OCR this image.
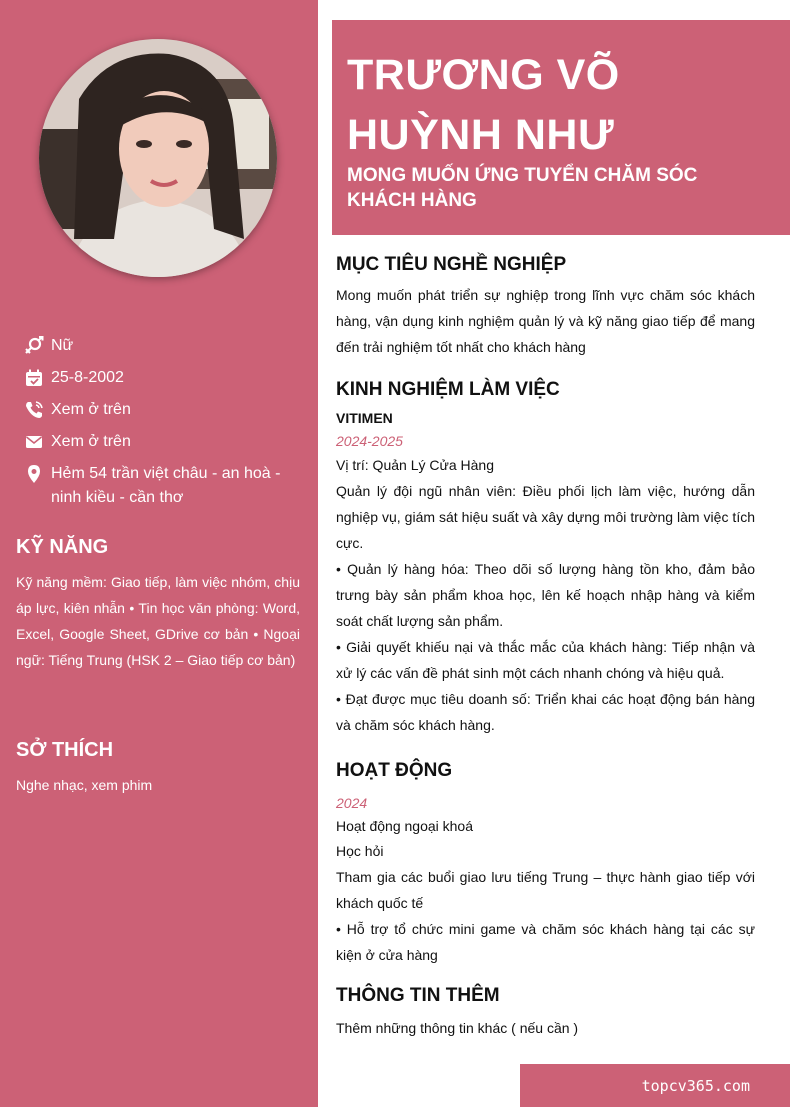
Nữ
25-8-2002
Xem ở trên
Xem ở trên
Hẻm 54 trần việt châu - an hoà - ninh kiều - cần thơ
KỸ NĂNG

Kỹ năng mềm: Giao tiếp, làm việc nhóm, chịu áp lực, kiên nhẫn • Tin học văn phòng: Word, Excel, Google Sheet, GDrive cơ bản • Ngoại ngữ: Tiếng Trung (HSK 2 – Giao tiếp cơ bản)

SỞ THÍCH

Nghe nhạc, xem phim

TRƯƠNG VÕ HUỲNH NHƯ
MONG MUỐN ỨNG TUYỂN CHĂM SÓC KHÁCH HÀNG
MỤC TIÊU NGHỀ NGHIỆP

Mong muốn phát triển sự nghiệp trong lĩnh vực chăm sóc khách hàng, vận dụng kinh nghiệm quản lý và kỹ năng giao tiếp để mang đến trải nghiệm tốt nhất cho khách hàng

KINH NGHIỆM LÀM VIỆC

VITIMEN

2024-2025

Vị trí: Quản Lý Cửa Hàng

Quản lý đội ngũ nhân viên: Điều phối lịch làm việc, hướng dẫn nghiệp vụ, giám sát hiệu suất và xây dựng môi trường làm việc tích cực.

• Quản lý hàng hóa: Theo dõi số lượng hàng tồn kho, đảm bảo trưng bày sản phẩm khoa học, lên kế hoạch nhập hàng và kiểm soát chất lượng sản phẩm.

• Giải quyết khiếu nại và thắc mắc của khách hàng: Tiếp nhận và xử lý các vấn đề phát sinh một cách nhanh chóng và hiệu quả.

• Đạt được mục tiêu doanh số: Triển khai các hoạt động bán hàng và chăm sóc khách hàng.

HOẠT ĐỘNG

2024

Hoạt động ngoại khoá

Học hỏi

Tham gia các buổi giao lưu tiếng Trung – thực hành giao tiếp với khách quốc tế

• Hỗ trợ tổ chức mini game và chăm sóc khách hàng tại các sự kiện ở cửa hàng

THÔNG TIN THÊM

Thêm những thông tin khác ( nếu cần )

topcv365.com
